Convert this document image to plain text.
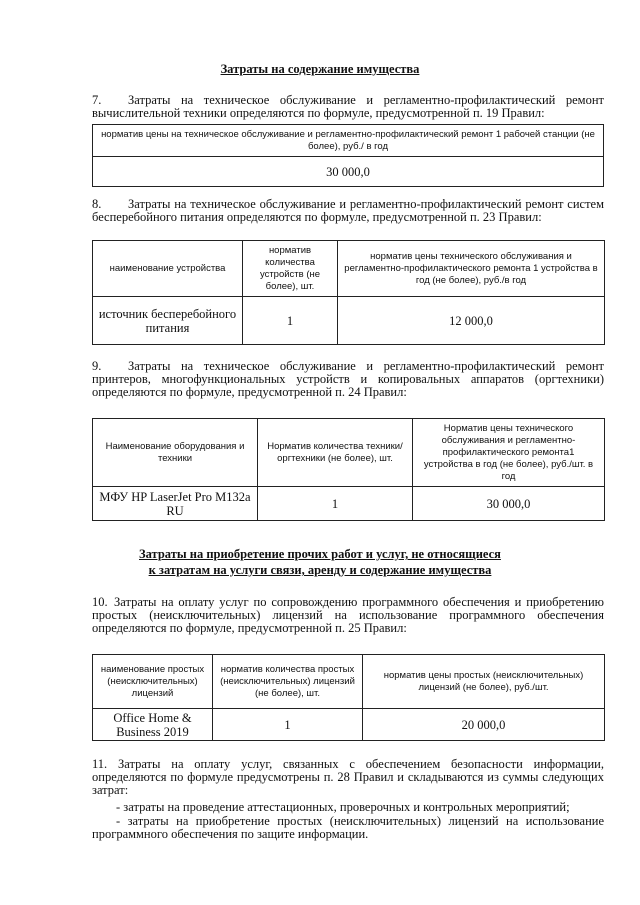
Затраты на содержание имущества
7. Затраты на техническое обслуживание и регламентно-профилактический ремонт вычислительной техники определяются по формуле, предусмотренной п. 19 Правил:
норматив цены на техническое обслуживание и регламентно-профилактический ремонт 1 рабочей станции (не более), руб./ в год
30 000,0
8. Затраты на техническое обслуживание и регламентно-профилактический ремонт систем бесперебойного питания определяются по формуле, предусмотренной п. 23 Правил:
наименование устройства	норматив количества устройств (не более), шт.	норматив цены технического обслуживания и регламентно-профилактического ремонта 1 устройства в год (не более), руб./в год
источник бесперебойного питания	1	12 000,0
9. Затраты на техническое обслуживание и регламентно-профилактический ремонт принтеров, многофункциональных устройств и копировальных аппаратов (оргтехники) определяются по формуле, предусмотренной п. 24 Правил:
Наименование оборудования и техники	Норматив количества техники/оргтехники (не более), шт.	Норматив цены технического обслуживания и регламентно-профилактического ремонта1 устройства в год (не более), руб./шт. в год
МФУ HP LaserJet Pro M132a RU	1	30 000,0
Затраты на приобретение прочих работ и услуг, не относящиеся
к затратам на услуги связи, аренду и содержание имущества
10. Затраты на оплату услуг по сопровождению программного обеспечения и приобретению простых (неисключительных) лицензий на использование программного обеспечения определяются по формуле, предусмотренной п. 25 Правил:
наименование простых (неисключительных) лицензий	норматив количества простых (неисключительных) лицензий (не более), шт.	норматив цены простых (неисключительных) лицензий (не более), руб./шт.
Office Home & Business 2019	1	20 000,0
11. Затраты на оплату услуг, связанных с обеспечением безопасности информации, определяются по формуле предусмотрены п. 28 Правил и складываются из суммы следующих затрат:
- затраты на проведение аттестационных, проверочных и контрольных мероприятий;
- затраты на приобретение простых (неисключительных) лицензий на использование программного обеспечения по защите информации.
